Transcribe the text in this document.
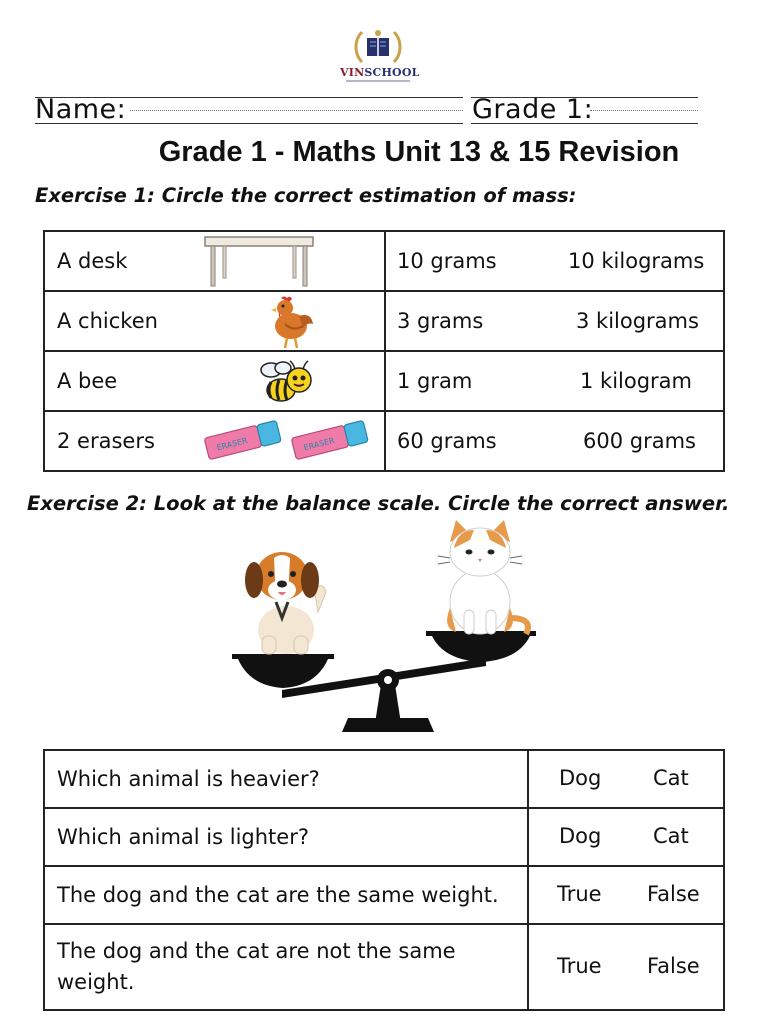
VINSCHOOL
Name:	Grade 1:
Grade 1 - Maths Unit 13 & 15 Revision
Exercise 1: Circle the correct estimation of mass:
A desk	10 grams 10 kilograms

A chicken	3 grams 3 kilograms

A bee	1 gram 1 kilogram

2 erasers ERASER ERASER	60 grams 600 grams
Exercise 2: Look at the balance scale. Circle the correct answer.
Which animal is heavier?	Dog Cat

Which animal is lighter?	Dog Cat

The dog and the cat are the same weight.	True False

The dog and the cat are not the same weight.	True False
